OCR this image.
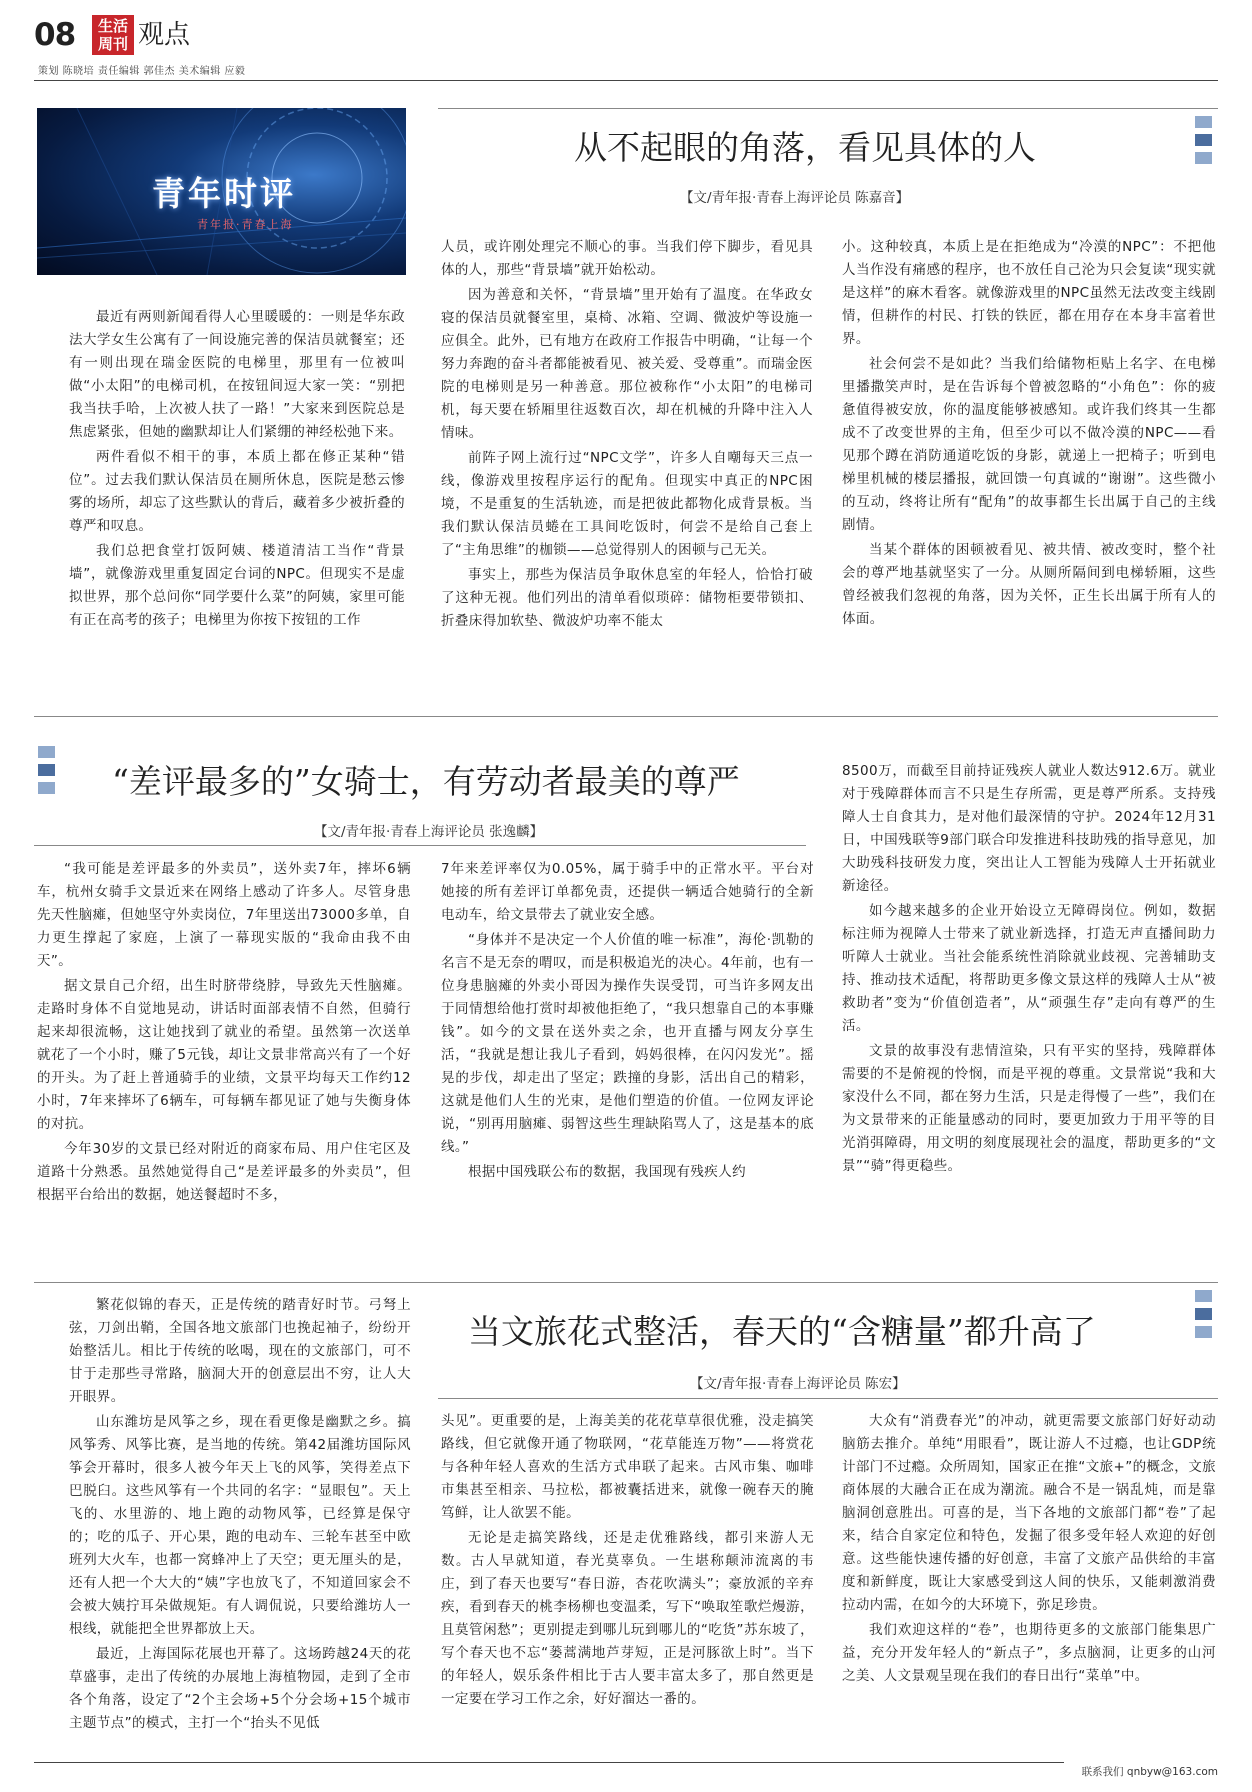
08	生活周刊 观点
策划 陈晓培 责任编辑 郭佳杰 美术编辑 应毅
青年时评
青年报·青春上海
从不起眼的角落，看见具体的人
【文/青年报·青春上海评论员 陈嘉音】

最近有两则新闻看得人心里暖暖的：一则是华东政法大学女生公寓有了一间设施完善的保洁员就餐室；还有一则出现在瑞金医院的电梯里，那里有一位被叫做“小太阳”的电梯司机，在按钮间逗大家一笑：“别把我当扶手哈，上次被人扶了一路！”大家来到医院总是焦虑紧张，但她的幽默却让人们紧绷的神经松弛下来。

两件看似不相干的事，本质上都在修正某种“错位”。过去我们默认保洁员在厕所休息，医院是愁云惨雾的场所，却忘了这些默认的背后，藏着多少被折叠的尊严和叹息。

我们总把食堂打饭阿姨、楼道清洁工当作“背景墙”，就像游戏里重复固定台词的NPC。但现实不是虚拟世界，那个总问你“同学要什么菜”的阿姨，家里可能有正在高考的孩子；电梯里为你按下按钮的工作

人员，或许刚处理完不顺心的事。当我们停下脚步，看见具体的人，那些“背景墙”就开始松动。

因为善意和关怀，“背景墙”里开始有了温度。在华政女寝的保洁员就餐室里，桌椅、冰箱、空调、微波炉等设施一应俱全。此外，已有地方在政府工作报告中明确，“让每一个努力奔跑的奋斗者都能被看见、被关爱、受尊重”。而瑞金医院的电梯则是另一种善意。那位被称作“小太阳”的电梯司机，每天要在轿厢里往返数百次，却在机械的升降中注入人情味。

前阵子网上流行过“NPC文学”，许多人自嘲每天三点一线，像游戏里按程序运行的配角。但现实中真正的NPC困境，不是重复的生活轨迹，而是把彼此都物化成背景板。当我们默认保洁员蜷在工具间吃饭时，何尝不是给自己套上了“主角思维”的枷锁——总觉得别人的困顿与己无关。

事实上，那些为保洁员争取休息室的年轻人，恰恰打破了这种无视。他们列出的清单看似琐碎：储物柜要带锁扣、折叠床得加软垫、微波炉功率不能太

小。这种较真，本质上是在拒绝成为“冷漠的NPC”：不把他人当作没有痛感的程序，也不放任自己沦为只会复读“现实就是这样”的麻木看客。就像游戏里的NPC虽然无法改变主线剧情，但耕作的村民、打铁的铁匠，都在用存在本身丰富着世界。

社会何尝不是如此？当我们给储物柜贴上名字、在电梯里播撒笑声时，是在告诉每个曾被忽略的“小角色”：你的疲惫值得被安放，你的温度能够被感知。或许我们终其一生都成不了改变世界的主角，但至少可以不做冷漠的NPC——看见那个蹲在消防通道吃饭的身影，就递上一把椅子；听到电梯里机械的楼层播报，就回馈一句真诚的“谢谢”。这些微小的互动，终将让所有“配角”的故事都生长出属于自己的主线剧情。

当某个群体的困顿被看见、被共情、被改变时，整个社会的尊严地基就坚实了一分。从厕所隔间到电梯轿厢，这些曾经被我们忽视的角落，因为关怀，正生长出属于所有人的体面。

“差评最多的”女骑士，有劳动者最美的尊严
【文/青年报·青春上海评论员 张逸麟】

“我可能是差评最多的外卖员”，送外卖7年，摔坏6辆车，杭州女骑手文景近来在网络上感动了许多人。尽管身患先天性脑瘫，但她坚守外卖岗位，7年里送出73000多单，自力更生撑起了家庭，上演了一幕现实版的“我命由我不由天”。

据文景自己介绍，出生时脐带绕脖，导致先天性脑瘫。走路时身体不自觉地晃动，讲话时面部表情不自然，但骑行起来却很流畅，这让她找到了就业的希望。虽然第一次送单就花了一个小时，赚了5元钱，却让文景非常高兴有了一个好的开头。为了赶上普通骑手的业绩，文景平均每天工作约12小时，7年来摔坏了6辆车，可每辆车都见证了她与失衡身体的对抗。

今年30岁的文景已经对附近的商家布局、用户住宅区及道路十分熟悉。虽然她觉得自己“是差评最多的外卖员”，但根据平台给出的数据，她送餐超时不多，

7年来差评率仅为0.05%，属于骑手中的正常水平。平台对她接的所有差评订单都免责，还提供一辆适合她骑行的全新电动车，给文景带去了就业安全感。

“身体并不是决定一个人价值的唯一标准”，海伦·凯勒的名言不是无奈的喟叹，而是积极追光的决心。4年前，也有一位身患脑瘫的外卖小哥因为操作失误受罚，可当许多网友出于同情想给他打赏时却被他拒绝了，“我只想靠自己的本事赚钱”。如今的文景在送外卖之余，也开直播与网友分享生活，“我就是想让我儿子看到，妈妈很棒，在闪闪发光”。摇晃的步伐，却走出了坚定；跌撞的身影，活出自己的精彩，这就是他们人生的光束，是他们塑造的价值。一位网友评论说，“别再用脑瘫、弱智这些生理缺陷骂人了，这是基本的底线。”

根据中国残联公布的数据，我国现有残疾人约

8500万，而截至目前持证残疾人就业人数达912.6万。就业对于残障群体而言不只是生存所需，更是尊严所系。支持残障人士自食其力，是对他们最深情的守护。2024年12月31日，中国残联等9部门联合印发推进科技助残的指导意见，加大助残科技研发力度，突出让人工智能为残障人士开拓就业新途径。

如今越来越多的企业开始设立无障碍岗位。例如，数据标注师为视障人士带来了就业新选择，打造无声直播间助力听障人士就业。当社会能系统性消除就业歧视、完善辅助支持、推动技术适配，将帮助更多像文景这样的残障人士从“被救助者”变为“价值创造者”，从“顽强生存”走向有尊严的生活。

文景的故事没有悲情渲染，只有平实的坚持，残障群体需要的不是俯视的怜悯，而是平视的尊重。文景常说“我和大家没什么不同，都在努力生活，只是走得慢了一些”，我们在为文景带来的正能量感动的同时，要更加致力于用平等的目光消弭障碍，用文明的刻度展现社会的温度，帮助更多的“文景”“骑”得更稳些。

当文旅花式整活，春天的“含糖量”都升高了
【文/青年报·青春上海评论员 陈宏】

繁花似锦的春天，正是传统的踏青好时节。弓弩上弦，刀剑出鞘，全国各地文旅部门也挽起袖子，纷纷开始整活儿。相比于传统的吆喝，现在的文旅部门，可不甘于走那些寻常路，脑洞大开的创意层出不穷，让人大开眼界。

山东潍坊是风筝之乡，现在看更像是幽默之乡。搞风筝秀、风筝比赛，是当地的传统。第42届潍坊国际风筝会开幕时，很多人被今年天上飞的风筝，笑得差点下巴脱臼。这些风筝有一个共同的名字：“显眼包”。天上飞的、水里游的、地上跑的动物风筝，已经算是保守的；吃的瓜子、开心果，跑的电动车、三轮车甚至中欧班列大火车，也都一窝蜂冲上了天空；更无厘头的是，还有人把一个大大的“姨”字也放飞了，不知道回家会不会被大姨拧耳朵做规矩。有人调侃说，只要给潍坊人一根线，就能把全世界都放上天。

最近，上海国际花展也开幕了。这场跨越24天的花草盛事，走出了传统的办展地上海植物园，走到了全市各个角落，设定了“2个主会场+5个分会场+15个城市主题节点”的模式，主打一个“抬头不见低

头见”。更重要的是，上海美美的花花草草很优雅，没走搞笑路线，但它就像开通了物联网，“花草能连万物”——将赏花与各种年轻人喜欢的生活方式串联了起来。古风市集、咖啡市集甚至相亲、马拉松，都被囊括进来，就像一碗春天的腌笃鲜，让人欲罢不能。

无论是走搞笑路线，还是走优雅路线，都引来游人无数。古人早就知道，春光莫辜负。一生堪称颠沛流离的韦庄，到了春天也要写“春日游，杏花吹满头”；豪放派的辛弃疾，看到春天的桃李杨柳也变温柔，写下“唤取笙歌烂熳游，且莫管闲愁”；更别提走到哪儿玩到哪儿的“吃货”苏东坡了，写个春天也不忘“蒌蒿满地芦芽短，正是河豚欲上时”。当下的年轻人，娱乐条件相比于古人要丰富太多了，那自然更是一定要在学习工作之余，好好溜达一番的。

大众有“消费春光”的冲动，就更需要文旅部门好好动动脑筋去推介。单纯“用眼看”，既让游人不过瘾，也让GDP统计部门不过瘾。众所周知，国家正在推“文旅+”的概念，文旅商体展的大融合正在成为潮流。融合不是一锅乱炖，而是靠脑洞创意胜出。可喜的是，当下各地的文旅部门都“卷”了起来，结合自家定位和特色，发掘了很多受年轻人欢迎的好创意。这些能快速传播的好创意，丰富了文旅产品供给的丰富度和新鲜度，既让大家感受到这人间的快乐，又能刺激消费拉动内需，在如今的大环境下，弥足珍贵。

我们欢迎这样的“卷”，也期待更多的文旅部门能集思广益，充分开发年轻人的“新点子”，多点脑洞，让更多的山河之美、人文景观呈现在我们的春日出行“菜单”中。

联系我们 qnbyw@163.com
